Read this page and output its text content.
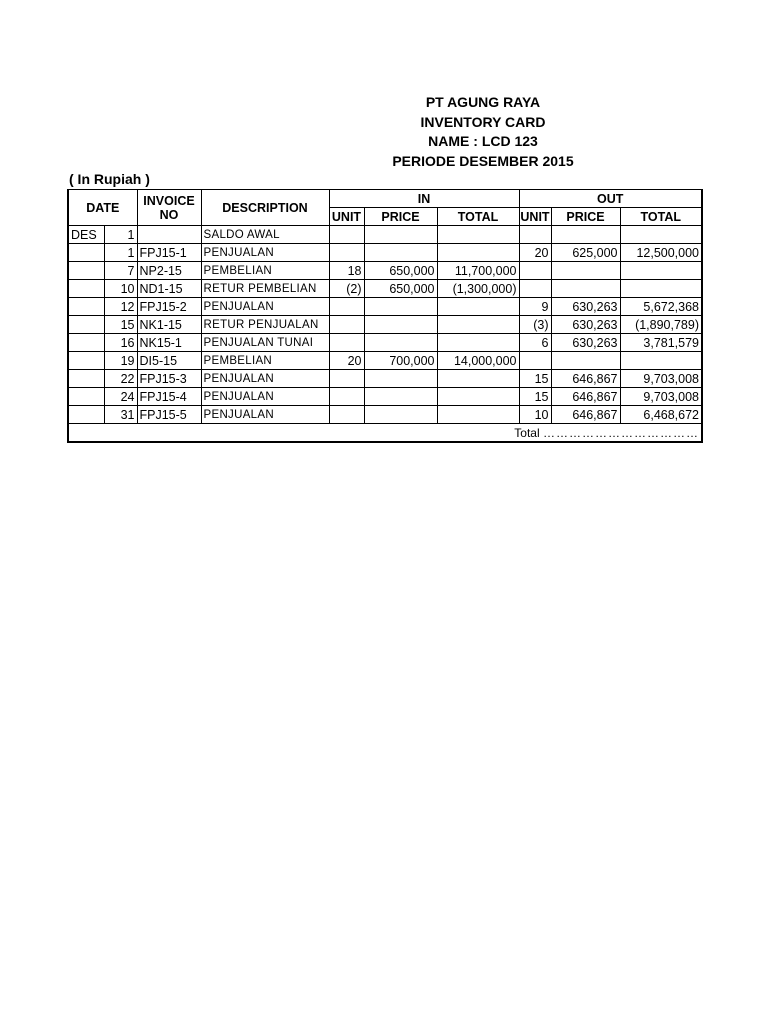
PT AGUNG RAYA
INVENTORY CARD
NAME : LCD 123
PERIODE DESEMBER 2015
( In Rupiah )
DATE		INVOICE
NO	DESCRIPTION	IN			OUT		
				UNIT	PRICE	TOTAL	UNIT	PRICE	TOTAL
DES	1		SALDO AWAL						
	1	FPJ15-1	PENJUALAN				20	625,000	12,500,000
	7	NP2-15	PEMBELIAN	18	650,000	11,700,000			
	10	ND1-15	RETUR PEMBELIAN	(2)	650,000	(1,300,000)			
	12	FPJ15-2	PENJUALAN				9	630,263	5,672,368
	15	NK1-15	RETUR PENJUALAN				(3)	630,263	(1,890,789)
	16	NK15-1	PENJUALAN TUNAI				6	630,263	3,781,579
	19	DI5-15	PEMBELIAN	20	700,000	14,000,000			
	22	FPJ15-3	PENJUALAN				15	646,867	9,703,008
	24	FPJ15-4	PENJUALAN				15	646,867	9,703,008
	31	FPJ15-5	PENJUALAN				10	646,867	6,468,672
Total ………………………………									
